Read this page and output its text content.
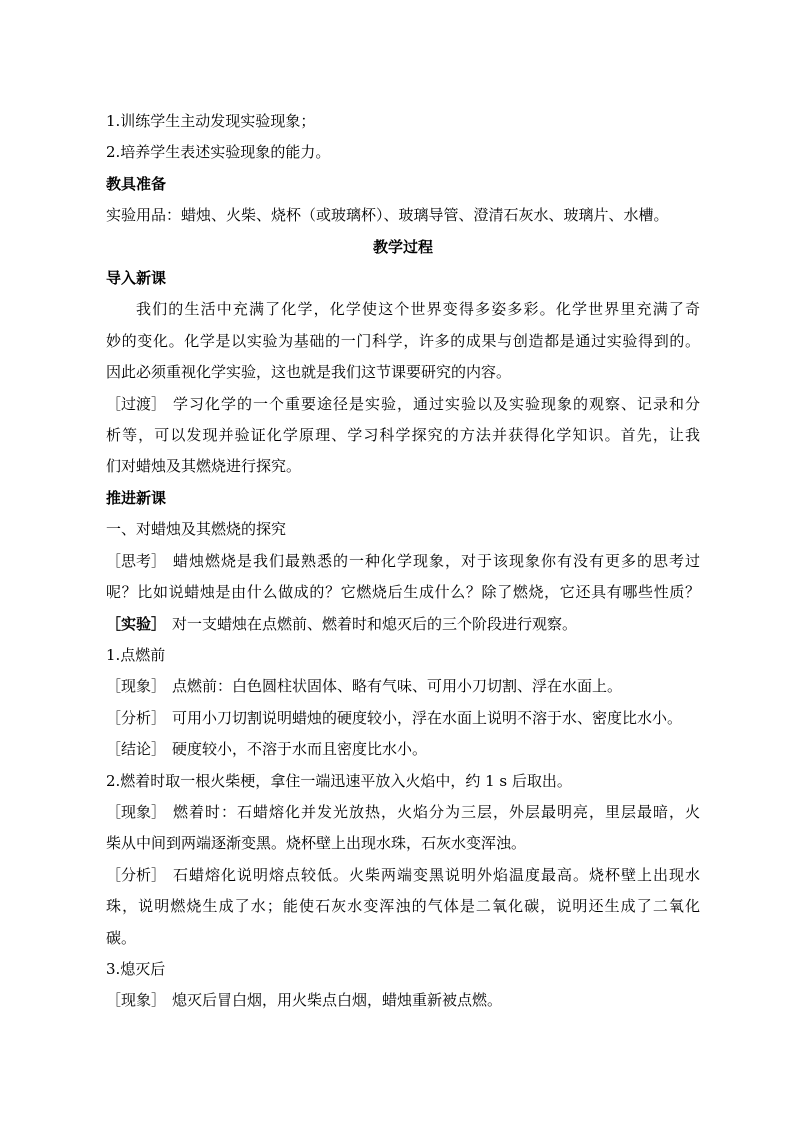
1.训练学生主动发现实验现象；
2.培养学生表述实验现象的能力。
教具准备
实验用品：蜡烛、火柴、烧杯（或玻璃杯）、玻璃导管、澄清石灰水、玻璃片、水槽。
教学过程
导入新课
我们的生活中充满了化学，化学使这个世界变得多姿多彩。化学世界里充满了奇
妙的变化。化学是以实验为基础的一门科学，许多的成果与创造都是通过实验得到的。
因此必须重视化学实验，这也就是我们这节课要研究的内容。
［过渡］ 学习化学的一个重要途径是实验，通过实验以及实验现象的观察、记录和分
析等，可以发现并验证化学原理、学习科学探究的方法并获得化学知识。首先，让我
们对蜡烛及其燃烧进行探究。
推进新课
一、对蜡烛及其燃烧的探究
［思考］ 蜡烛燃烧是我们最熟悉的一种化学现象，对于该现象你有没有更多的思考过
呢？比如说蜡烛是由什么做成的？它燃烧后生成什么？除了燃烧，它还具有哪些性质？
［实验］ 对一支蜡烛在点燃前、燃着时和熄灭后的三个阶段进行观察。
1.点燃前
［现象］ 点燃前：白色圆柱状固体、略有气味、可用小刀切割、浮在水面上。
［分析］ 可用小刀切割说明蜡烛的硬度较小，浮在水面上说明不溶于水、密度比水小。
［结论］ 硬度较小，不溶于水而且密度比水小。
2.燃着时取一根火柴梗，拿住一端迅速平放入火焰中，约 1 s 后取出。
［现象］ 燃着时：石蜡熔化并发光放热，火焰分为三层，外层最明亮，里层最暗，火
柴从中间到两端逐渐变黑。烧杯壁上出现水珠，石灰水变浑浊。
［分析］ 石蜡熔化说明熔点较低。火柴两端变黑说明外焰温度最高。烧杯壁上出现水
珠，说明燃烧生成了水；能使石灰水变浑浊的气体是二氧化碳，说明还生成了二氧化
碳。
3.熄灭后
［现象］ 熄灭后冒白烟，用火柴点白烟，蜡烛重新被点燃。
